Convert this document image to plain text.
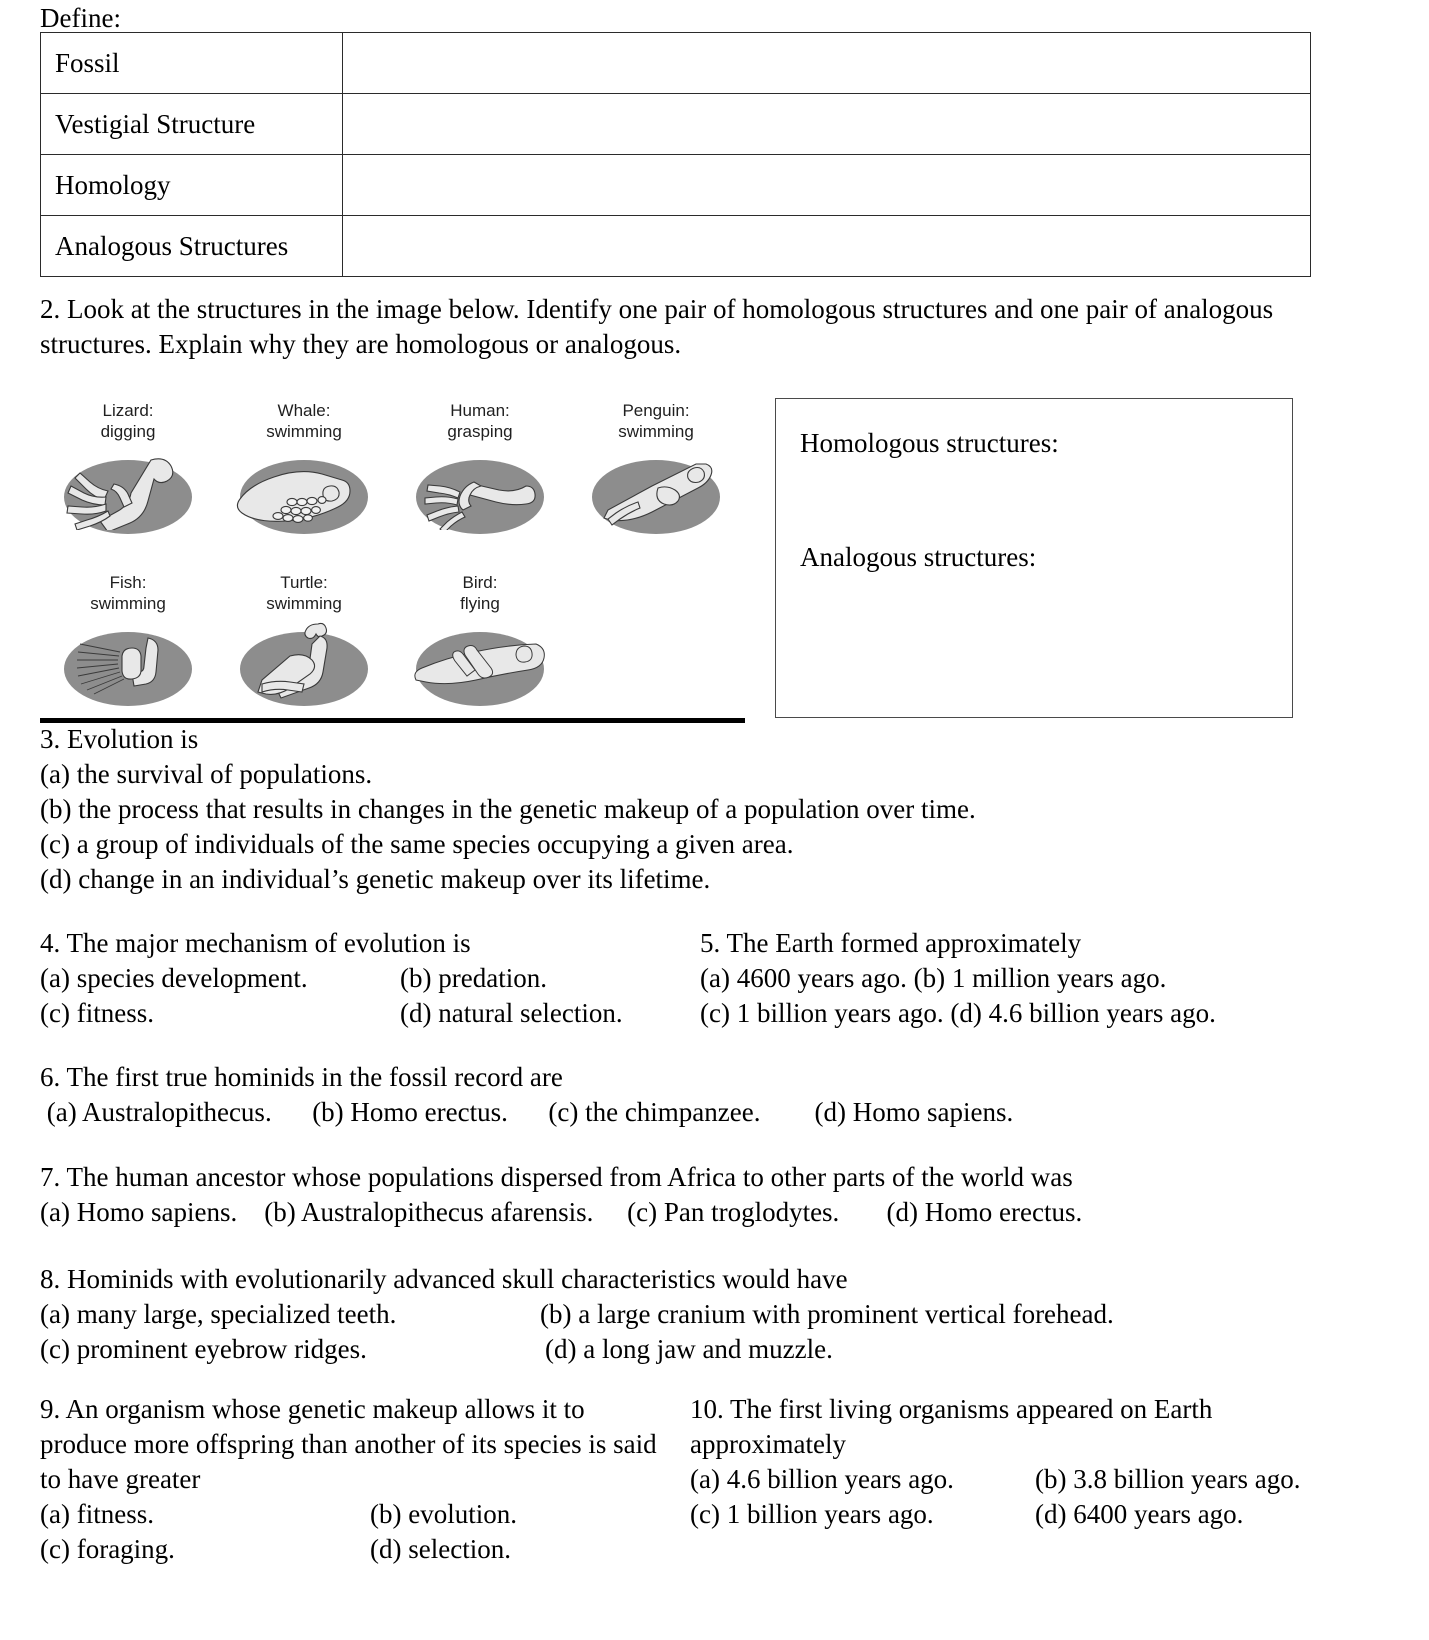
Define:
Fossil	
Vestigial Structure	
Homology	
Analogous Structures	
2. Look at the structures in the image below. Identify one pair of homologous structures and one pair of analogous structures. Explain why they are homologous or analogous.
Lizard:
digging
Whale:
swimming
Human:
grasping
Penguin:
swimming
Fish:
swimming
Turtle:
swimming
Bird:
flying
Homologous structures:
Analogous structures:
3. Evolution is
(a) the survival of populations.
(b) the process that results in changes in the genetic makeup of a population over time.
(c) a group of individuals of the same species occupying a given area.
(d) change in an individual’s genetic makeup over its lifetime.
4. The major mechanism of evolution is
(a) species development.	(b) predation.
(c) fitness.	(d) natural selection.
5. The Earth formed approximately
(a) 4600 years ago. (b) 1 million years ago.
(c) 1 billion years ago. (d) 4.6 billion years ago.
6. The first true hominids in the fossil record are
(a) Australopithecus.      (b) Homo erectus.      (c) the chimpanzee.        (d) Homo sapiens.
7. The human ancestor whose populations dispersed from Africa to other parts of the world was
(a) Homo sapiens.    (b) Australopithecus afarensis.     (c) Pan troglodytes.       (d) Homo erectus.
8. Hominids with evolutionarily advanced skull characteristics would have
(a) many large, specialized teeth.	(b) a large cranium with prominent vertical forehead.
(c) prominent eyebrow ridges.	(d) a long jaw and muzzle.
9. An organism whose genetic makeup allows it to produce more offspring than another of its species is said to have greater
(a) fitness.	(b) evolution.
(c) foraging.	(d) selection.
10. The first living organisms appeared on Earth approximately
(a) 4.6 billion years ago.	(b) 3.8 billion years ago.
(c) 1 billion years ago.	(d) 6400 years ago.
